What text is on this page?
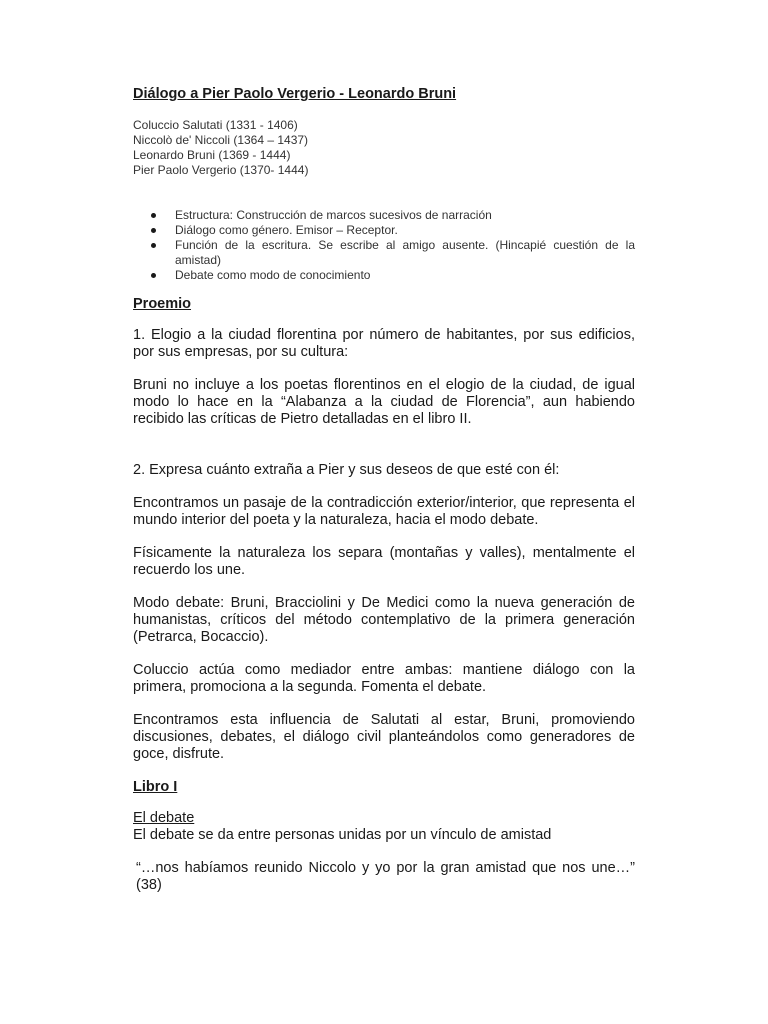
Diálogo a Pier Paolo Vergerio - Leonardo Bruni
Coluccio Salutati (1331 - 1406)
Niccolò de' Niccoli (1364 – 1437)
Leonardo Bruni (1369 - 1444)
Pier Paolo Vergerio (1370- 1444)
Estructura: Construcción de marcos sucesivos de narración
Diálogo como género. Emisor – Receptor.
Función de la escritura. Se escribe al amigo ausente. (Hincapié cuestión de la amistad)
Debate como modo de conocimiento
Proemio

1. Elogio a la ciudad florentina por número de habitantes, por sus edificios, por sus empresas, por su cultura:

Bruni no incluye a los poetas florentinos en el elogio de la ciudad, de igual modo lo hace en la “Alabanza a la ciudad de Florencia”, aun habiendo recibido las críticas de Pietro detalladas en el libro II.

2. Expresa cuánto extraña a Pier y sus deseos de que esté con él:

Encontramos un pasaje de la contradicción exterior/interior, que representa el mundo interior del poeta y la naturaleza, hacia el modo debate.

Físicamente la naturaleza los separa (montañas y valles), mentalmente el recuerdo los une.

Modo debate: Bruni, Bracciolini y De Medici como la nueva generación de humanistas, críticos del método contemplativo de la primera generación (Petrarca, Bocaccio).

Coluccio actúa como mediador entre ambas: mantiene diálogo con la primera, promociona a la segunda. Fomenta el debate.

Encontramos esta influencia de Salutati al estar, Bruni, promoviendo discusiones, debates, el diálogo civil planteándolos como generadores de goce, disfrute.

Libro I

El debate

El debate se da entre personas unidas por un vínculo de amistad

“…nos habíamos reunido Niccolo y yo por la gran amistad que nos une…” (38)
